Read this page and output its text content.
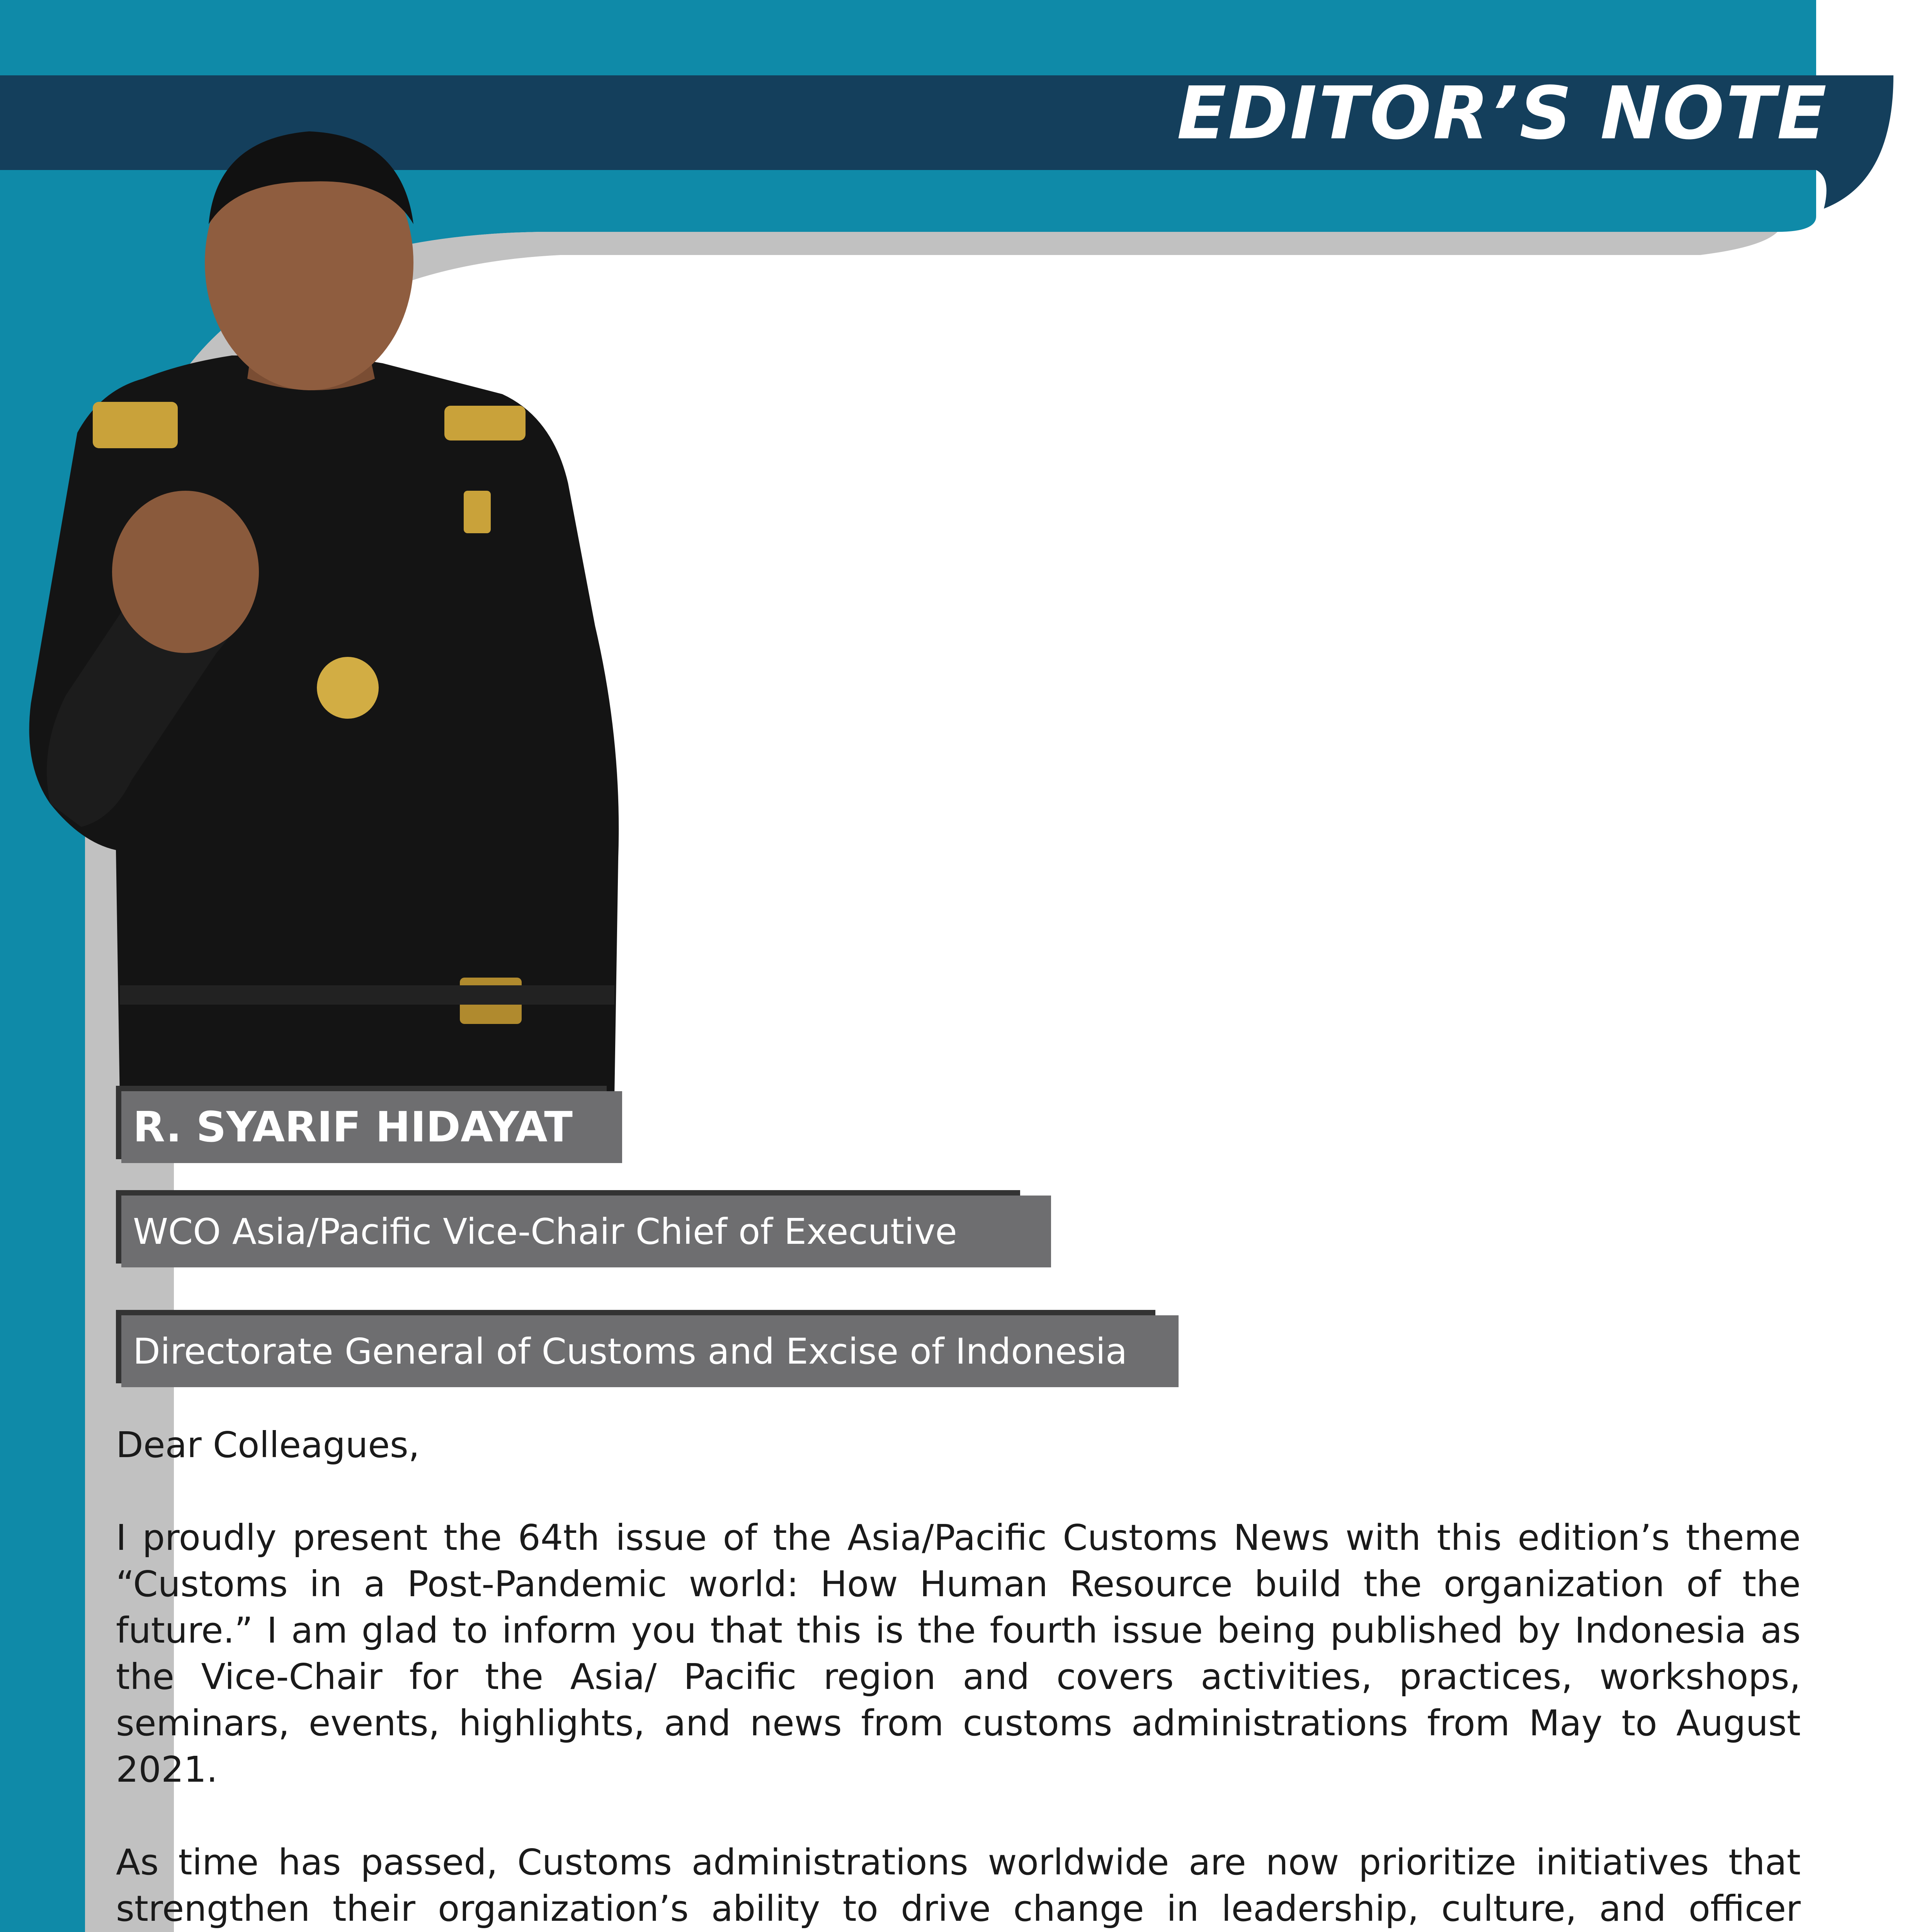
EDITOR’S NOTE
R. SYARIF HIDAYAT
WCO Asia/Pacific Vice-Chair Chief of Executive
Directorate General of Customs and Excise of Indonesia

Dear Colleagues,

I proudly present the 64th issue of the Asia/Pacific Customs News with this edition’s theme “Customs in a Post-Pandemic world: How Human Resource build the organization of the future.” I am glad to inform you that this is the fourth issue being published by Indonesia as the Vice-Chair for the Asia/ Pacific region and covers activities, practices, workshops, seminars, events, highlights, and news from customs administrations from May to August 2021.

As time has passed, Customs administrations worldwide are now prioritize initiatives that strengthen their organization’s ability to drive change in leadership, culture, and officer
